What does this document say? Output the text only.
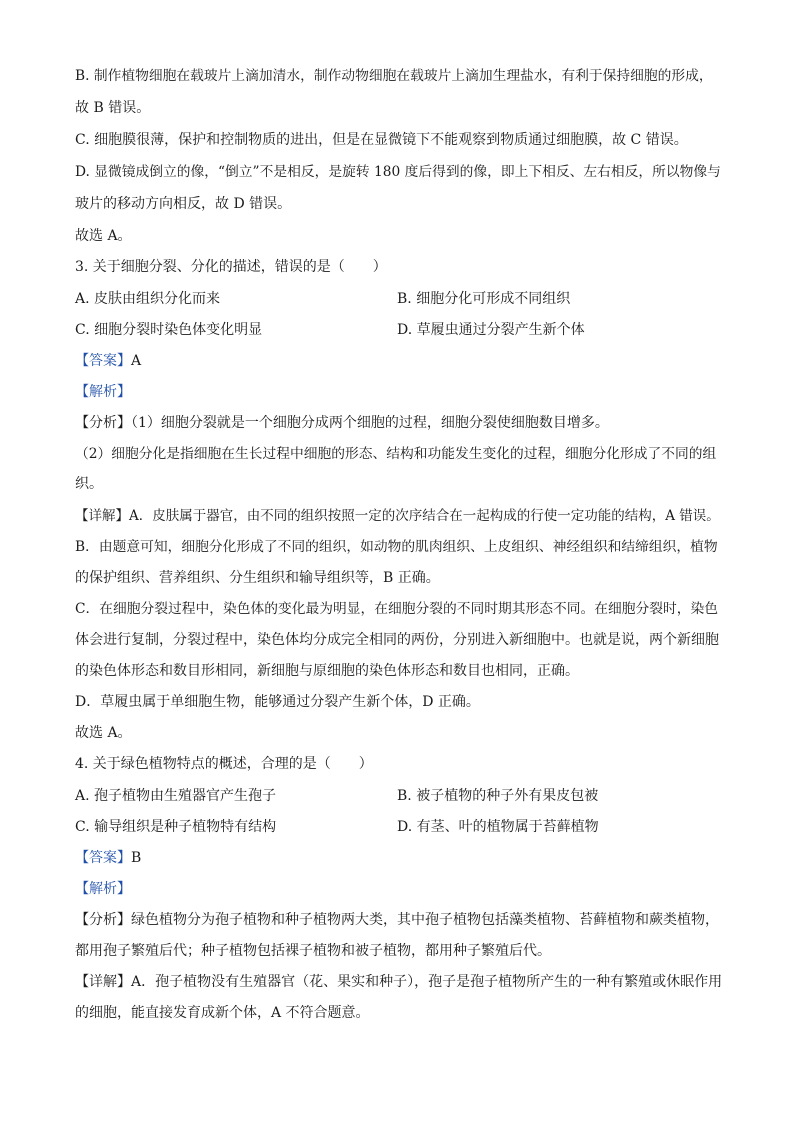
B. 制作植物细胞在载玻片上滴加清水，制作动物细胞在载玻片上滴加生理盐水，有利于保持细胞的形成，
故 B 错误。
C. 细胞膜很薄，保护和控制物质的进出，但是在显微镜下不能观察到物质通过细胞膜，故 C 错误。
D. 显微镜成倒立的像，“倒立”不是相反，是旋转 180 度后得到的像，即上下相反、左右相反，所以物像与
玻片的移动方向相反，故 D 错误。
故选 A。
3. 关于细胞分裂、分化的描述，错误的是（　　）
A. 皮肤由组织分化而来	B. 细胞分化可形成不同组织
C. 细胞分裂时染色体变化明显	D. 草履虫通过分裂产生新个体
【答案】A
【解析】
【分析】（1）细胞分裂就是一个细胞分成两个细胞的过程，细胞分裂使细胞数目增多。
（2）细胞分化是指细胞在生长过程中细胞的形态、结构和功能发生变化的过程，细胞分化形成了不同的组
织。
【详解】A．皮肤属于器官，由不同的组织按照一定的次序结合在一起构成的行使一定功能的结构，A 错误。
B．由题意可知，细胞分化形成了不同的组织，如动物的肌肉组织、上皮组织、神经组织和结缔组织，植物
的保护组织、营养组织、分生组织和输导组织等，B 正确。
C．在细胞分裂过程中，染色体的变化最为明显，在细胞分裂的不同时期其形态不同。在细胞分裂时，染色
体会进行复制，分裂过程中，染色体均分成完全相同的两份，分别进入新细胞中。也就是说，两个新细胞
的染色体形态和数目形相同，新细胞与原细胞的染色体形态和数目也相同，正确。
D．草履虫属于单细胞生物，能够通过分裂产生新个体，D 正确。
故选 A。
4. 关于绿色植物特点的概述，合理的是（　　）
A. 孢子植物由生殖器官产生孢子	B. 被子植物的种子外有果皮包被
C. 输导组织是种子植物特有结构	D. 有茎、叶的植物属于苔藓植物
【答案】B
【解析】
【分析】绿色植物分为孢子植物和种子植物两大类，其中孢子植物包括藻类植物、苔藓植物和蕨类植物，
都用孢子繁殖后代；种子植物包括裸子植物和被子植物，都用种子繁殖后代。
【详解】A．孢子植物没有生殖器官（花、果实和种子），孢子是孢子植物所产生的一种有繁殖或休眠作用
的细胞，能直接发育成新个体，A 不符合题意。
